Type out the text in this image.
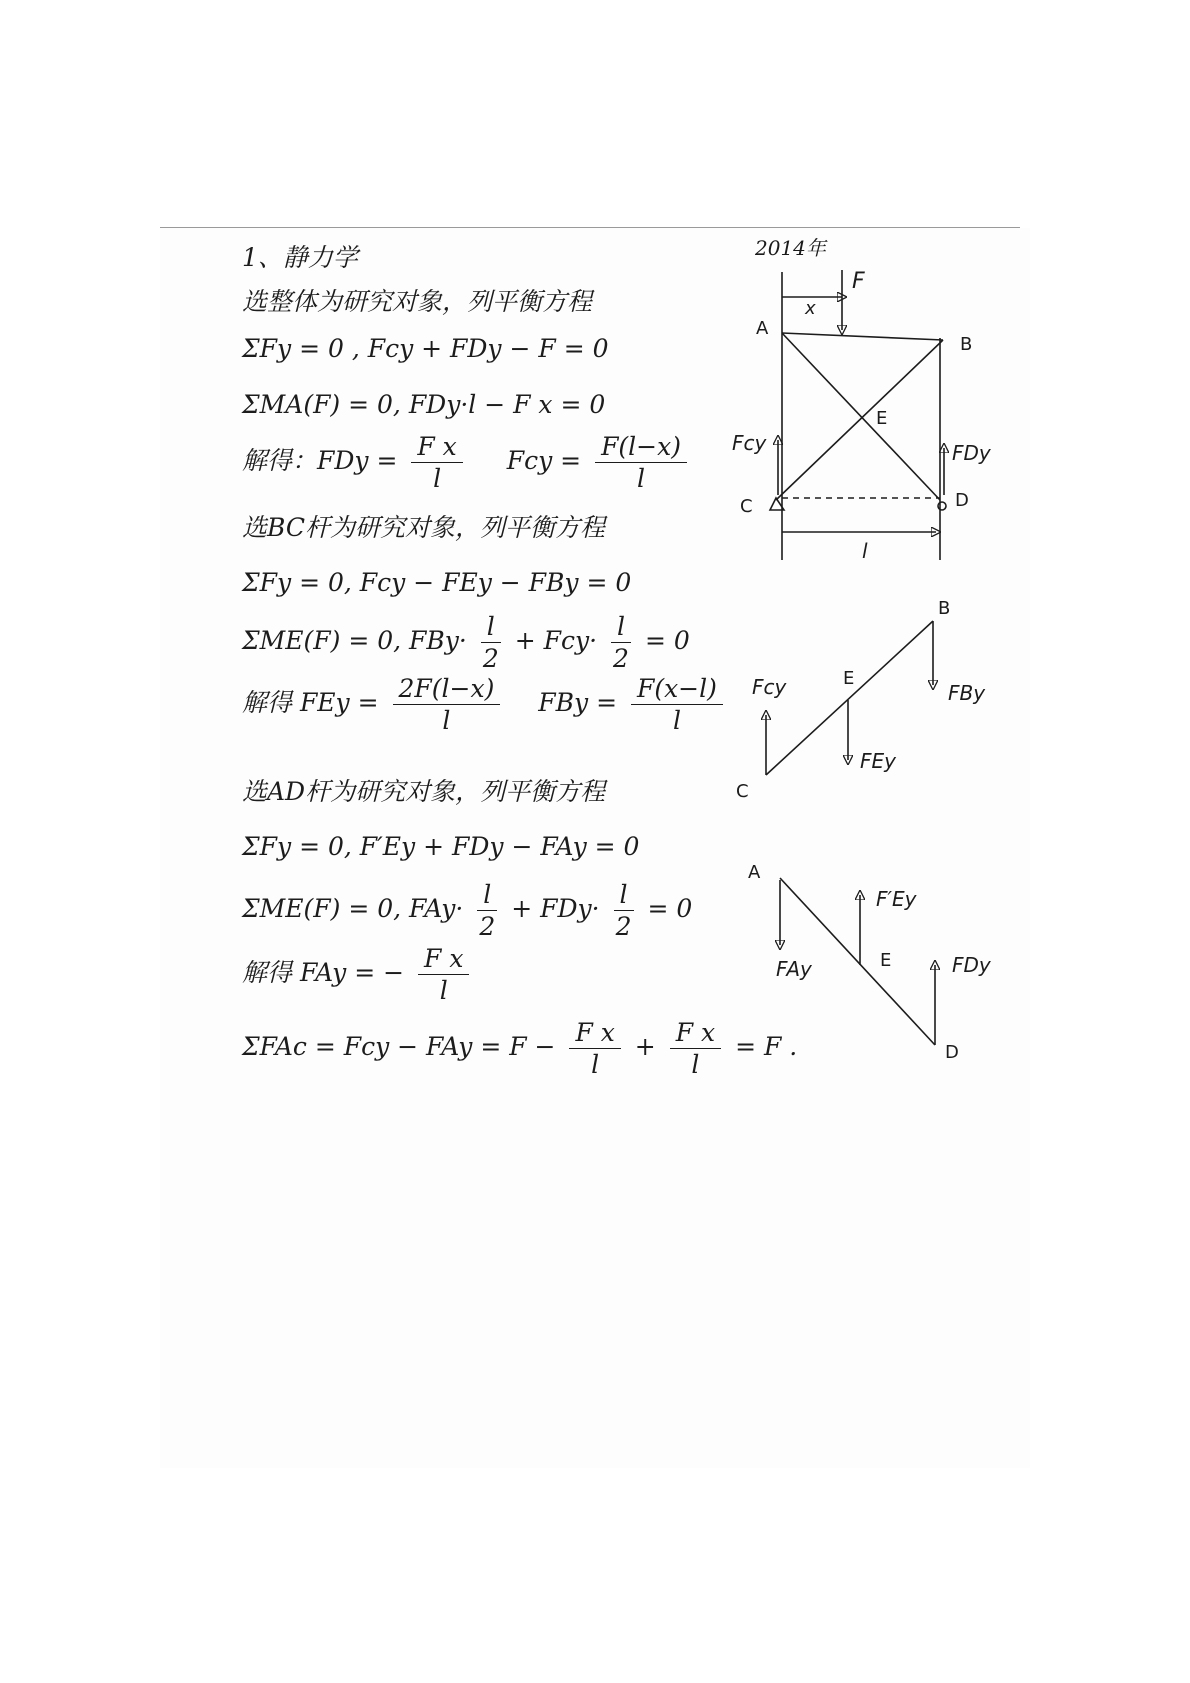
1、静力学	2014年
选整体为研究对象，列平衡方程
ΣFy = 0 , Fcy + FDy − F = 0
ΣMA(F) = 0, FDy·l − F x = 0
解得：FDy = $\frac{\text{F x}}{l}$ Fcy = $\frac{F(l-x)}{l}$
选BC杆为研究对象，列平衡方程
ΣFy = 0, Fcy − FEy − FBy = 0
ΣME(F) = 0, $FBy\cdot \frac{l}{2} + Fcy\cdot \frac{l}{2} = 0$
解得 FEy = $\frac{2F(l-x)}{l}$ FBy = $\frac{F(x-l)}{l}$
选AD杆为研究对象，列平衡方程
ΣFy = 0, F′Ey + FDy − FAy = 0
ΣME(F) = 0, $FAy\cdot \frac{l}{2} + FDy\cdot \frac{l}{2} = 0$
解得 FAy = − $\frac{\text{F x}}{l}$
ΣFAc = Fcy − FAy = $F - \frac{\text{F x}}{l} + \frac{\text{F x}}{l} = F$ .
F
x
A
B
E
C	D
Fcy	FDy
l
B
E
C
Fcy	FBy
FEy
A
E
D
FAy
F′Ey
FDy
